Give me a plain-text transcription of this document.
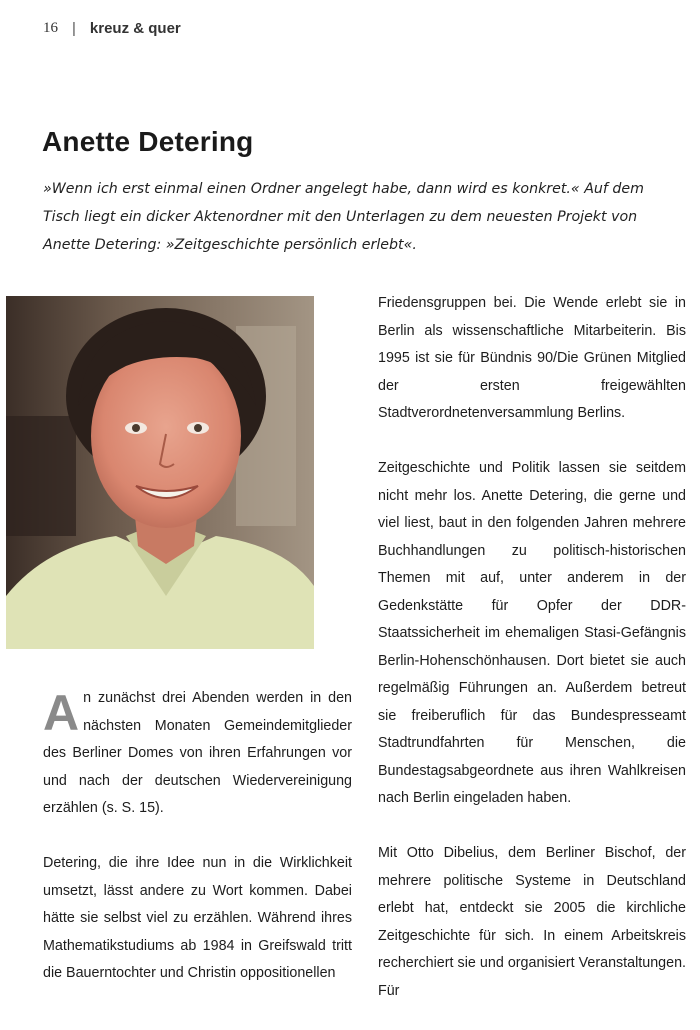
16 | kreuz & quer
Anette Detering

»Wenn ich erst einmal einen Ordner angelegt habe, dann wird es konkret.« Auf dem Tisch liegt ein dicker Aktenordner mit den Unterlagen zu dem neuesten Projekt von Anette Detering: »Zeitgeschichte persönlich erlebt«.

An zunächst drei Abenden werden in den nächsten Monaten Gemeindemitglieder des Berliner Domes von ihren Erfahrungen vor und nach der deutschen Wiedervereinigung erzählen (s. S. 15).

Detering, die ihre Idee nun in die Wirklichkeit umsetzt, lässt andere zu Wort kommen. Dabei hätte sie selbst viel zu erzählen. Während ihres Mathematikstudiums ab 1984 in Greifswald tritt die Bauerntochter und Christin oppositionellen

Friedensgruppen bei. Die Wende erlebt sie in Berlin als wissenschaftliche Mitarbeiterin. Bis 1995 ist sie für Bündnis 90/Die Grünen Mitglied der ersten freigewählten Stadtverordnetenversammlung Berlins.

Zeitgeschichte und Politik lassen sie seitdem nicht mehr los. Anette Detering, die gerne und viel liest, baut in den folgenden Jahren mehrere Buchhandlungen zu politisch-historischen Themen mit auf, unter anderem in der Gedenkstätte für Opfer der DDR-Staatssicherheit im ehemaligen Stasi-Gefängnis Berlin-Hohenschönhausen. Dort bietet sie auch regelmäßig Führungen an. Außerdem betreut sie freiberuflich für das Bundespresseamt Stadtrundfahrten für Menschen, die Bundestagsabgeordnete aus ihren Wahlkreisen nach Berlin eingeladen haben.

Mit Otto Dibelius, dem Berliner Bischof, der mehrere politische Systeme in Deutschland erlebt hat, entdeckt sie 2005 die kirchliche Zeitgeschichte für sich. In einem Arbeitskreis recherchiert sie und organisiert Veranstaltungen. Für
